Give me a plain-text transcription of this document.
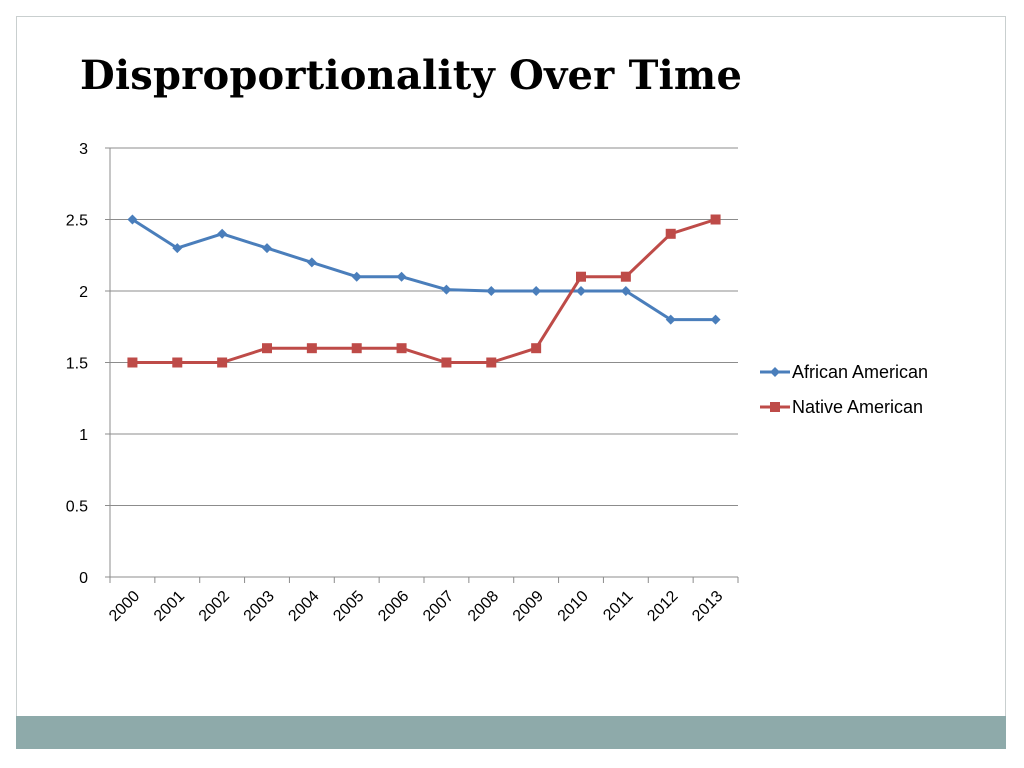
Disproportionality Over Time
0
0.5
1
1.5
2
2.5
3
2000 2001 2002 2003 2004 2005 2006 2007 2008 2009 2010 2011 2012 2013
African American
Native American
